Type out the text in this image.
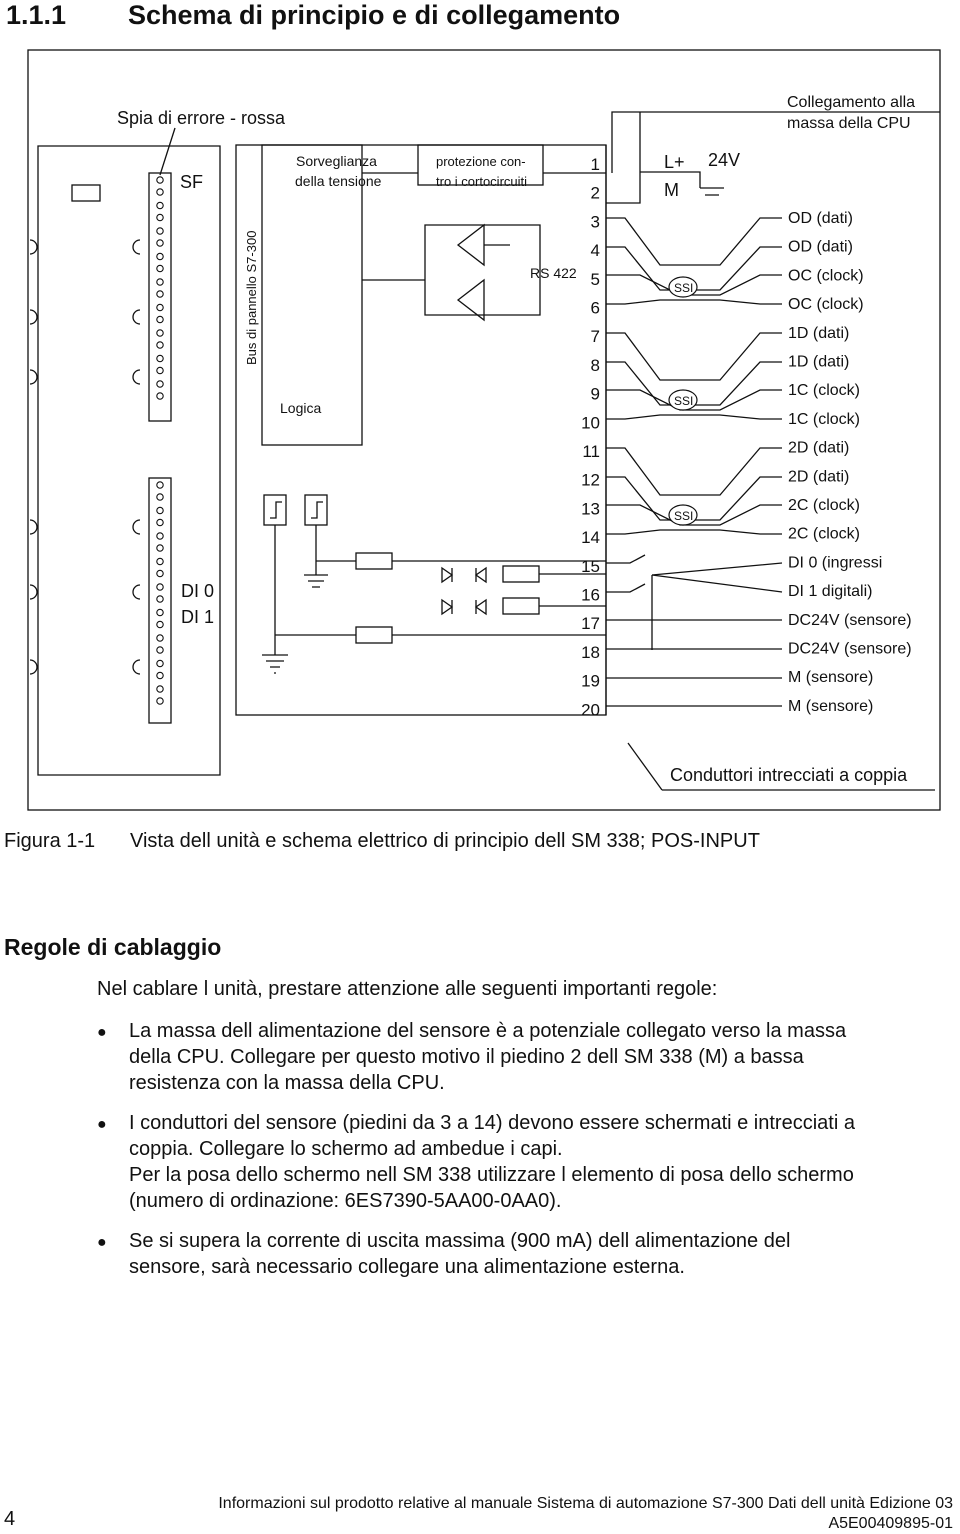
1.1.1 Schema di principio e di collegamento
1
2
3
4
5
6
7
8
9
10
11
12
13
14
15
16
17
18
19
20
OD (dati)
OD (dati)
OC (clock)
OC (clock)
1D (dati)
1D (dati)
1C (clock)
1C (clock)
2D (dati)
2D (dati)
2C (clock)
2C (clock)
DI 0 (ingressi
DI 1 digitali)
DC24V (sensore)
DC24V (sensore)
M (sensore)
M (sensore)
Spia di errore - rossa
Collegamento alla
massa della CPU
SF
Bus di pannello S7-300
Sorveglianza
della tensione
protezione con-
tro i cortocircuiti
Logica
RS 422
DI 0
DI 1
L+
M
24V
SSI
SSI
SSI
Conduttori intrecciati a coppia
Figura 1-1 Vista dell unità e schema elettrico di principio dell SM 338; POS-INPUT
Regole di cablaggio
Nel cablare l unità, prestare attenzione alle seguenti importanti regole:
● La massa dell alimentazione del sensore è a potenziale collegato verso la massa
della CPU. Collegare per questo motivo il piedino 2 dell SM 338 (M) a bassa
resistenza con la massa della CPU.
● I conduttori del sensore (piedini da 3 a 14) devono essere schermati e intrecciati a
coppia. Collegare lo schermo ad ambedue i capi.
Per la posa dello schermo nell SM 338 utilizzare l elemento di posa dello schermo
(numero di ordinazione: 6ES7390-5AA00-0AA0).
● Se si supera la corrente di uscita massima (900 mA) dell alimentazione del
sensore, sarà necessario collegare una alimentazione esterna.
4
Informazioni sul prodotto relative al manuale Sistema di automazione S7-300 Dati dell unità Edizione 03
A5E00409895-01
